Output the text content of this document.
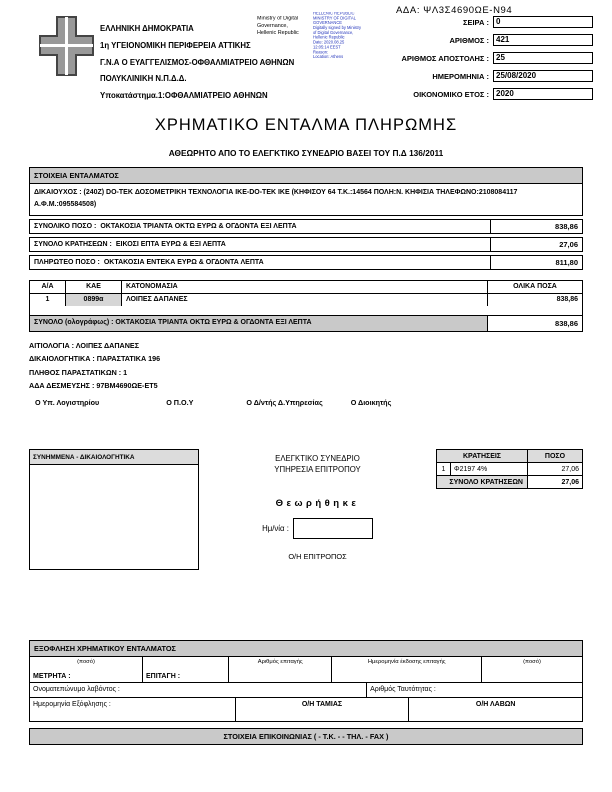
ΑΔΑ: ΨΛ3Σ4690ΩΕ-Ν94
ΕΛΛΗΝΙΚΗ ΔΗΜΟΚΡΑΤΙΑ
1η ΥΓΕΙΟΝΟΜΙΚΗ ΠΕΡΙΦΕΡΕΙΑ ΑΤΤΙΚΗΣ
Γ.Ν.Α Ο ΕΥΑΓΓΕΛΙΣΜΟΣ-ΟΦΘΑΛΜΙΑΤΡΕΙΟ ΑΘΗΝΩΝ
ΠΟΛΥΚΛΙΝΙΚΗ Ν.Π.Δ.Δ.
Υποκατάστημα.1:ΟΦΘΑΛΜΙΑΤΡΕΙΟ ΑΘΗΝΩΝ
Ministry of Digital
Governance,
Hellenic Republic
HELLENIC REPUBLIC
MINISTRY OF DIGITAL
GOVERNANCE
Digitally signed by Ministry
of Digital Governance,
Hellenic Republic
Date: 2020.08.25
12:05:14 EEST
Reason:
Location: Athens
ΣΕΙΡΑ : 0
ΑΡΙΘΜΟΣ : 421
ΑΡΙΘΜΟΣ ΑΠΟΣΤΟΛΗΣ : 25
ΗΜΕΡΟΜΗΝΙΑ : 25/08/2020
ΟΙΚΟΝΟΜΙΚΟ ΕΤΟΣ : 2020
ΧΡΗΜΑΤΙΚΟ ΕΝΤΑΛΜΑ ΠΛΗΡΩΜΗΣ
ΑΘΕΩΡΗΤΟ ΑΠΟ ΤΟ ΕΛΕΓΚΤΙΚΟ ΣΥΝΕΔΡΙΟ ΒΑΣΕΙ ΤΟΥ Π.Δ 136/2011
ΣΤΟΙΧΕΙΑ ΕΝΤΑΛΜΑΤΟΣ
ΔΙΚΑΙΟΥΧΟΣ : (240Ζ) DO-TEK ΔΟΣΟΜΕΤΡΙΚΗ ΤΕΧΝΟΛΟΓΙΑ ΙΚΕ-DO-TEK ΙΚΕ (ΚΗΦΙΣΟΥ 64 Τ.Κ.:14564 ΠΟΛΗ:Ν. ΚΗΦΙΣΙΑ ΤΗΛΕΦΩΝΟ:2108084117
Α.Φ.Μ.:095584508)
ΣΥΝΟΛΙΚΟ ΠΟΣΟ : ΟΚΤΑΚΟΣΙΑ ΤΡΙΑΝΤΑ ΟΚΤΩ ΕΥΡΩ & ΟΓΔΟΝΤΑ ΕΞΙ ΛΕΠΤΑ	838,86
ΣΥΝΟΛΟ ΚΡΑΤΗΣΕΩΝ : ΕΙΚΟΣΙ ΕΠΤΑ ΕΥΡΩ & ΕΞΙ ΛΕΠΤΑ	27,06
ΠΛΗΡΩΤΕΟ ΠΟΣΟ : ΟΚΤΑΚΟΣΙΑ ΕΝΤΕΚΑ ΕΥΡΩ & ΟΓΔΟΝΤΑ ΛΕΠΤΑ	811,80
Α/Α	ΚΑΕ	ΚΑΤΟΝΟΜΑΣΙΑ	ΟΛΙΚΑ ΠΟΣΑ
1	0899α	ΛΟΙΠΕΣ ΔΑΠΑΝΕΣ	838,86
ΣΥΝΟΛΟ (ολογράφως) : ΟΚΤΑΚΟΣΙΑ ΤΡΙΑΝΤΑ ΟΚΤΩ ΕΥΡΩ & ΟΓΔΟΝΤΑ ΕΞΙ ΛΕΠΤΑ	838,86
ΑΙΤΙΟΛΟΓΙΑ : ΛΟΙΠΕΣ ΔΑΠΑΝΕΣ
ΔΙΚΑΙΟΛΟΓΗΤΙΚΑ : ΠΑΡΑΣΤΑΤΙΚΑ 196
ΠΛΗΘΟΣ ΠΑΡΑΣΤΑΤΙΚΩΝ : 1
ΑΔΑ ΔΕΣΜΕΥΣΗΣ : 97ΒΜ4690ΩΕ-ΕΤ5
Ο Υπ. Λογιστηρίου	Ο Π.Ο.Υ	Ο Δ/ντής Δ.Υπηρεσίας	Ο Διοικητής
ΣΥΝΗΜΜΕΝΑ - ΔΙΚΑΙΟΛΟΓΗΤΙΚΑ	ΕΛΕΓΚΤΙΚΟ ΣΥΝΕΔΡΙΟ
ΥΠΗΡΕΣΙΑ ΕΠΙΤΡΟΠΟΥ
Θεωρήθηκε
Ημ/νία :
Ο/Η ΕΠΙΤΡΟΠΟΣ
ΚΡΑΤΗΣΕΙΣ	ΠΟΣΟ
1	Φ2197 4%	27,06
ΣΥΝΟΛΟ ΚΡΑΤΗΣΕΩΝ	27,06
ΕΞΟΦΛΗΣΗ ΧΡΗΜΑΤΙΚΟΥ ΕΝΤΑΛΜΑΤΟΣ
(ποσό)
ΜΕΤΡΗΤΑ :	ΕΠΙΤΑΓΗ :
Αριθμός επιταγής	Ημερομηνία έκδοσης επιταγής	(ποσό)
Ονοματεπώνυμο λαβόντος :	Αριθμός Ταυτότητας :
Ημερομηνία Εξόφλησης :	Ο/Η ΤΑΜΙΑΣ	Ο/Η ΛΑΒΩΝ
ΣΤΟΙΧΕΙΑ ΕΠΙΚΟΙΝΩΝΙΑΣ ( - Τ.Κ. - - ΤΗΛ. - FAX )
